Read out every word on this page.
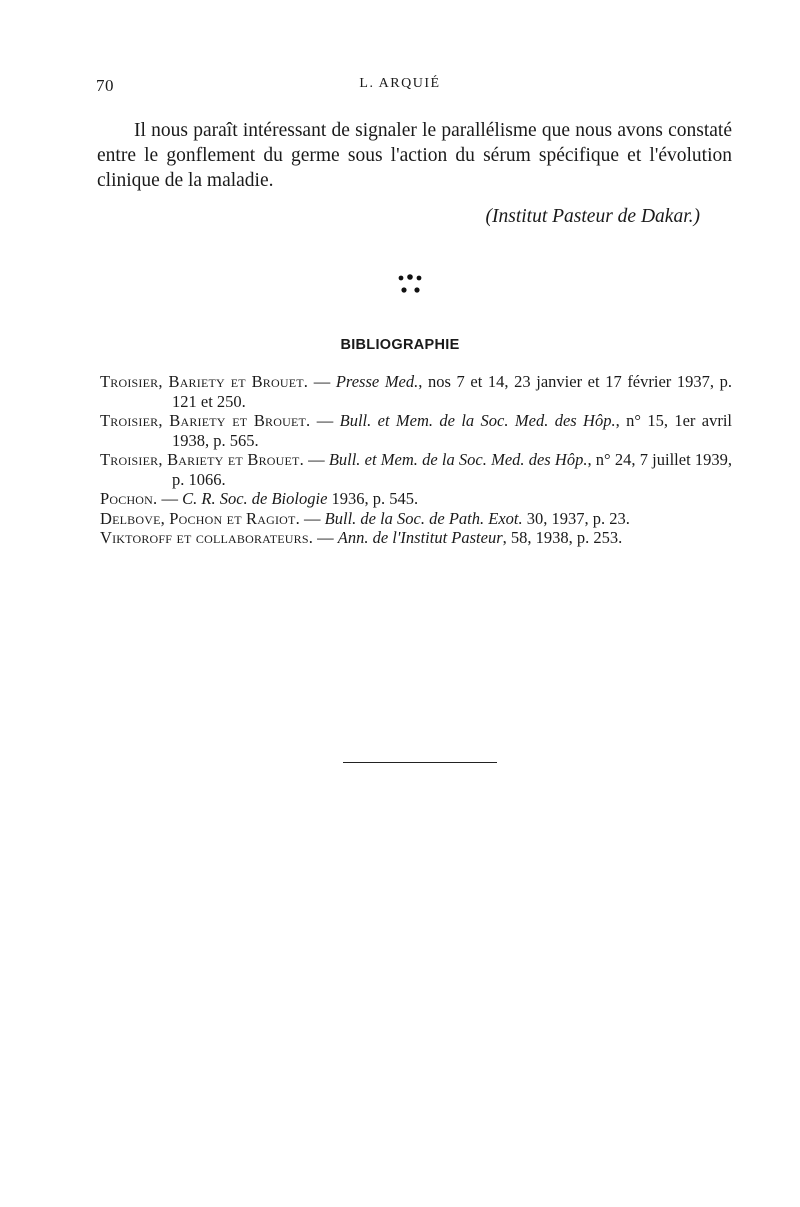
70	L. ARQUIÉ

Il nous paraît intéressant de signaler le parallélisme que nous avons constaté entre le gonflement du germe sous l'action du sérum spécifique et l'évolution clinique de la maladie.

(Institut Pasteur de Dakar.)
BIBLIOGRAPHIE
Troisier, Bariety et Brouet. — Presse Med., nos 7 et 14, 23 janvier et 17 février 1937, p. 121 et 250.
Troisier, Bariety et Brouet. — Bull. et Mem. de la Soc. Med. des Hôp., n° 15, 1er avril 1938, p. 565.
Troisier, Bariety et Brouet. — Bull. et Mem. de la Soc. Med. des Hôp., n° 24, 7 juillet 1939, p. 1066.
Pochon. — C. R. Soc. de Biologie 1936, p. 545.
Delbove, Pochon et Ragiot. — Bull. de la Soc. de Path. Exot. 30, 1937, p. 23.
Viktoroff et collaborateurs. — Ann. de l'Institut Pasteur, 58, 1938, p. 253.
